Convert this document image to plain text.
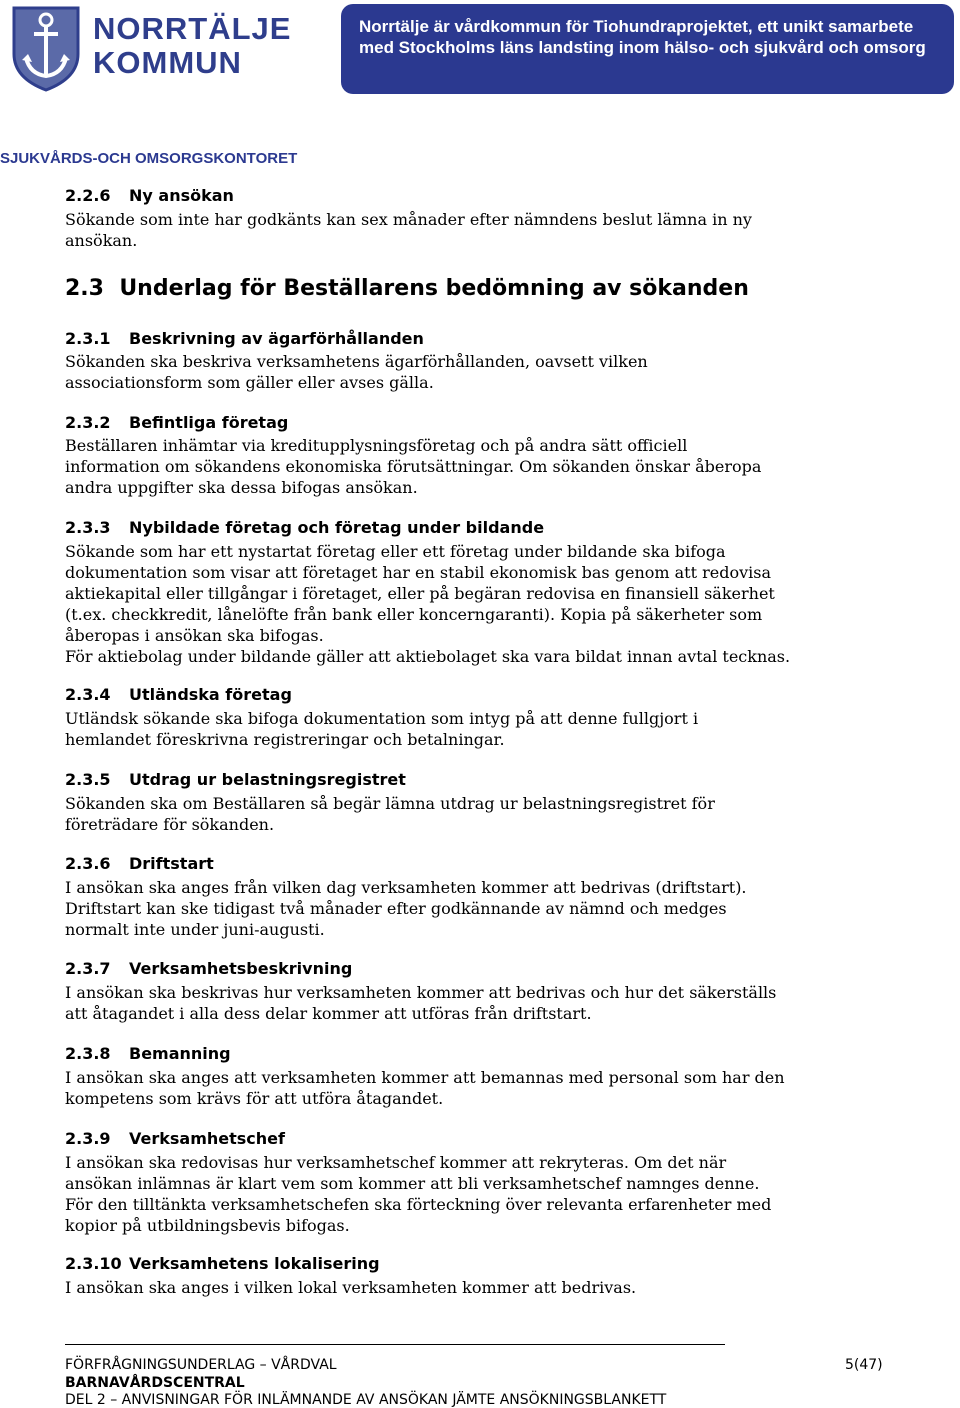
NORRTÄLJE
KOMMUN
Norrtälje är vårdkommun för Tiohundraprojektet, ett unikt samarbete med Stockholms läns landsting inom hälso- och sjukvård och omsorg
SJUKVÅRDS-OCH OMSORGSKONTORET
2.2.6 Ny ansökan
Sökande som inte har godkänts kan sex månader efter nämndens beslut lämna in ny
ansökan.
2.3 Underlag för Beställarens bedömning av sökanden
2.3.1 Beskrivning av ägarförhållanden
Sökanden ska beskriva verksamhetens ägarförhållanden, oavsett vilken
associationsform som gäller eller avses gälla.
2.3.2 Befintliga företag
Beställaren inhämtar via kreditupplysningsföretag och på andra sätt officiell
information om sökandens ekonomiska förutsättningar. Om sökanden önskar åberopa
andra uppgifter ska dessa bifogas ansökan.
2.3.3 Nybildade företag och företag under bildande
Sökande som har ett nystartat företag eller ett företag under bildande ska bifoga
dokumentation som visar att företaget har en stabil ekonomisk bas genom att redovisa
aktiekapital eller tillgångar i företaget, eller på begäran redovisa en finansiell säkerhet
(t.ex. checkkredit, lånelöfte från bank eller koncerngaranti). Kopia på säkerheter som
åberopas i ansökan ska bifogas.
För aktiebolag under bildande gäller att aktiebolaget ska vara bildat innan avtal tecknas.
2.3.4 Utländska företag
Utländsk sökande ska bifoga dokumentation som intyg på att denne fullgjort i
hemlandet föreskrivna registreringar och betalningar.
2.3.5 Utdrag ur belastningsregistret
Sökanden ska om Beställaren så begär lämna utdrag ur belastningsregistret för
företrädare för sökanden.
2.3.6 Driftstart
I ansökan ska anges från vilken dag verksamheten kommer att bedrivas (driftstart).
Driftstart kan ske tidigast två månader efter godkännande av nämnd och medges
normalt inte under juni-augusti.
2.3.7 Verksamhetsbeskrivning
I ansökan ska beskrivas hur verksamheten kommer att bedrivas och hur det säkerställs
att åtagandet i alla dess delar kommer att utföras från driftstart.
2.3.8 Bemanning
I ansökan ska anges att verksamheten kommer att bemannas med personal som har den
kompetens som krävs för att utföra åtagandet.
2.3.9 Verksamhetschef
I ansökan ska redovisas hur verksamhetschef kommer att rekryteras. Om det när
ansökan inlämnas är klart vem som kommer att bli verksamhetschef namnges denne.
För den tilltänkta verksamhetschefen ska förteckning över relevanta erfarenheter med
kopior på utbildningsbevis bifogas.
2.3.10 Verksamhetens lokalisering
I ansökan ska anges i vilken lokal verksamheten kommer att bedrivas.
FÖRFRÅGNINGSUNDERLAG – VÅRDVAL
BARNAVÅRDSCENTRAL
DEL 2 – ANVISNINGAR FÖR INLÄMNANDE AV ANSÖKAN JÄMTE ANSÖKNINGSBLANKETT
5(47)
